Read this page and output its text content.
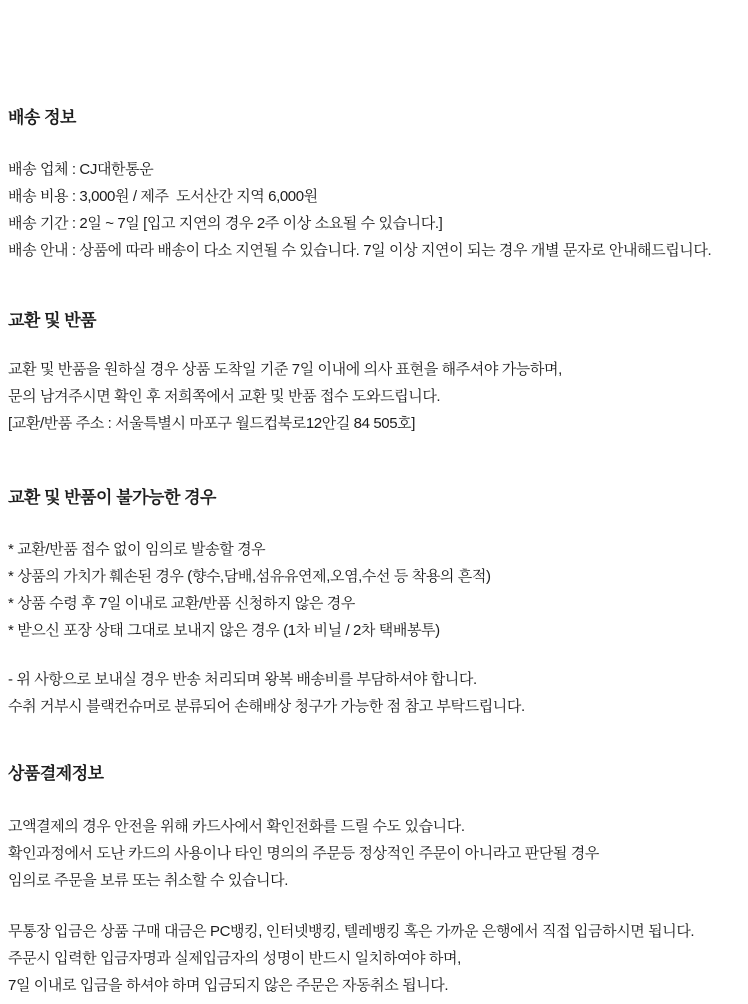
배송 정보
배송 업체 : CJ대한통운
배송 비용 : 3,000원 / 제주  도서산간 지역 6,000원
배송 기간 : 2일 ~ 7일 [입고 지연의 경우 2주 이상 소요될 수 있습니다.]
배송 안내 : 상품에 따라 배송이 다소 지연될 수 있습니다. 7일 이상 지연이 되는 경우 개별 문자로 안내해드립니다.
교환 및 반품
교환 및 반품을 원하실 경우 상품 도착일 기준 7일 이내에 의사 표현을 해주셔야 가능하며,
문의 남겨주시면 확인 후 저희쪽에서 교환 및 반품 접수 도와드립니다.
[교환/반품 주소 : 서울특별시 마포구 월드컵북로12안길 84 505호]
교환 및 반품이 불가능한 경우
* 교환/반품 접수 없이 임의로 발송할 경우
* 상품의 가치가 훼손된 경우 (향수,담배,섬유유연제,오염,수선 등 착용의 흔적)
* 상품 수령 후 7일 이내로 교환/반품 신청하지 않은 경우
* 받으신 포장 상태 그대로 보내지 않은 경우 (1차 비닐 / 2차 택배봉투)
- 위 사항으로 보내실 경우 반송 처리되며 왕복 배송비를 부담하셔야 합니다.
수취 거부시 블랙컨슈머로 분류되어 손해배상 청구가 가능한 점 참고 부탁드립니다.
상품결제정보
고액결제의 경우 안전을 위해 카드사에서 확인전화를 드릴 수도 있습니다.
확인과정에서 도난 카드의 사용이나 타인 명의의 주문등 정상적인 주문이 아니라고 판단될 경우
임의로 주문을 보류 또는 취소할 수 있습니다.
무통장 입금은 상품 구매 대금은 PC뱅킹, 인터넷뱅킹, 텔레뱅킹 혹은 가까운 은행에서 직접 입금하시면 됩니다.
주문시 입력한 입금자명과 실제입금자의 성명이 반드시 일치하여야 하며,
7일 이내로 입금을 하셔야 하며 입금되지 않은 주문은 자동취소 됩니다.
